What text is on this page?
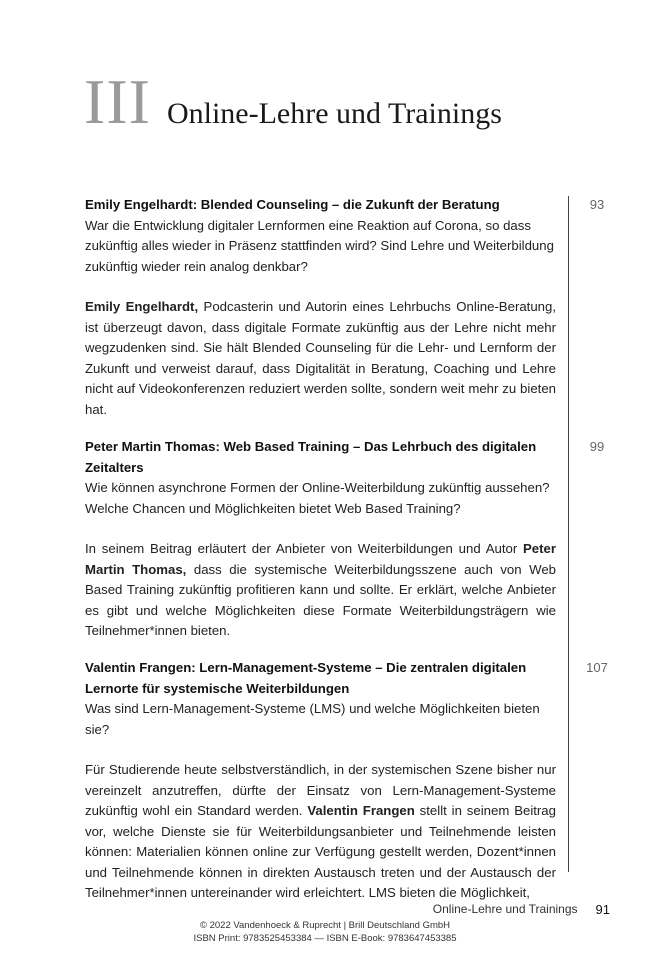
III Online-Lehre und Trainings

Emily Engelhardt: Blended Counseling – die Zukunft der Beratung

War die Entwicklung digitaler Lernformen eine Reaktion auf Corona, so dass zukünftig alles wieder in Präsenz stattfinden wird? Sind Lehre und Weiterbildung zukünftig wieder rein analog denkbar?

Emily Engelhardt, Podcasterin und Autorin eines Lehrbuchs Online-Beratung, ist überzeugt davon, dass digitale Formate zukünftig aus der Lehre nicht mehr wegzudenken sind. Sie hält Blended Counseling für die Lehr- und Lernform der Zukunft und verweist darauf, dass Digitalität in Beratung, Coaching und Lehre nicht auf Videokonferenzen reduziert werden sollte, sondern weit mehr zu bieten hat.

93

Peter Martin Thomas: Web Based Training – Das Lehrbuch des digitalen Zeitalters

Wie können asynchrone Formen der Online-Weiterbildung zukünftig aussehen? Welche Chancen und Möglichkeiten bietet Web Based Training?

In seinem Beitrag erläutert der Anbieter von Weiterbildungen und Autor Peter Martin Thomas, dass die systemische Weiterbildungsszene auch von Web Based Training zukünftig profitieren kann und sollte. Er erklärt, welche Anbieter es gibt und welche Möglichkeiten diese Formate Weiterbildungsträgern wie Teilnehmer*innen bieten.

99

Valentin Frangen: Lern-Management-Systeme – Die zentralen digitalen Lernorte für systemische Weiterbildungen

Was sind Lern-Management-Systeme (LMS) und welche Möglichkeiten bieten sie?

Für Studierende heute selbstverständlich, in der systemischen Szene bisher nur vereinzelt anzutreffen, dürfte der Einsatz von Lern-Management-Systeme zukünftig wohl ein Standard werden. Valentin Frangen stellt in seinem Beitrag vor, welche Dienste sie für Weiterbildungsanbieter und Teilnehmende leisten können: Materialien können online zur Verfügung gestellt werden, Dozent*innen und Teilnehmende können in direkten Austausch treten und der Austausch der Teilnehmer*innen untereinander wird erleichtert. LMS bieten die Möglichkeit,

107
Online-Lehre und Trainings 91
© 2022 Vandenhoeck & Ruprecht | Brill Deutschland GmbH
ISBN Print: 9783525453384 — ISBN E-Book: 9783647453385
